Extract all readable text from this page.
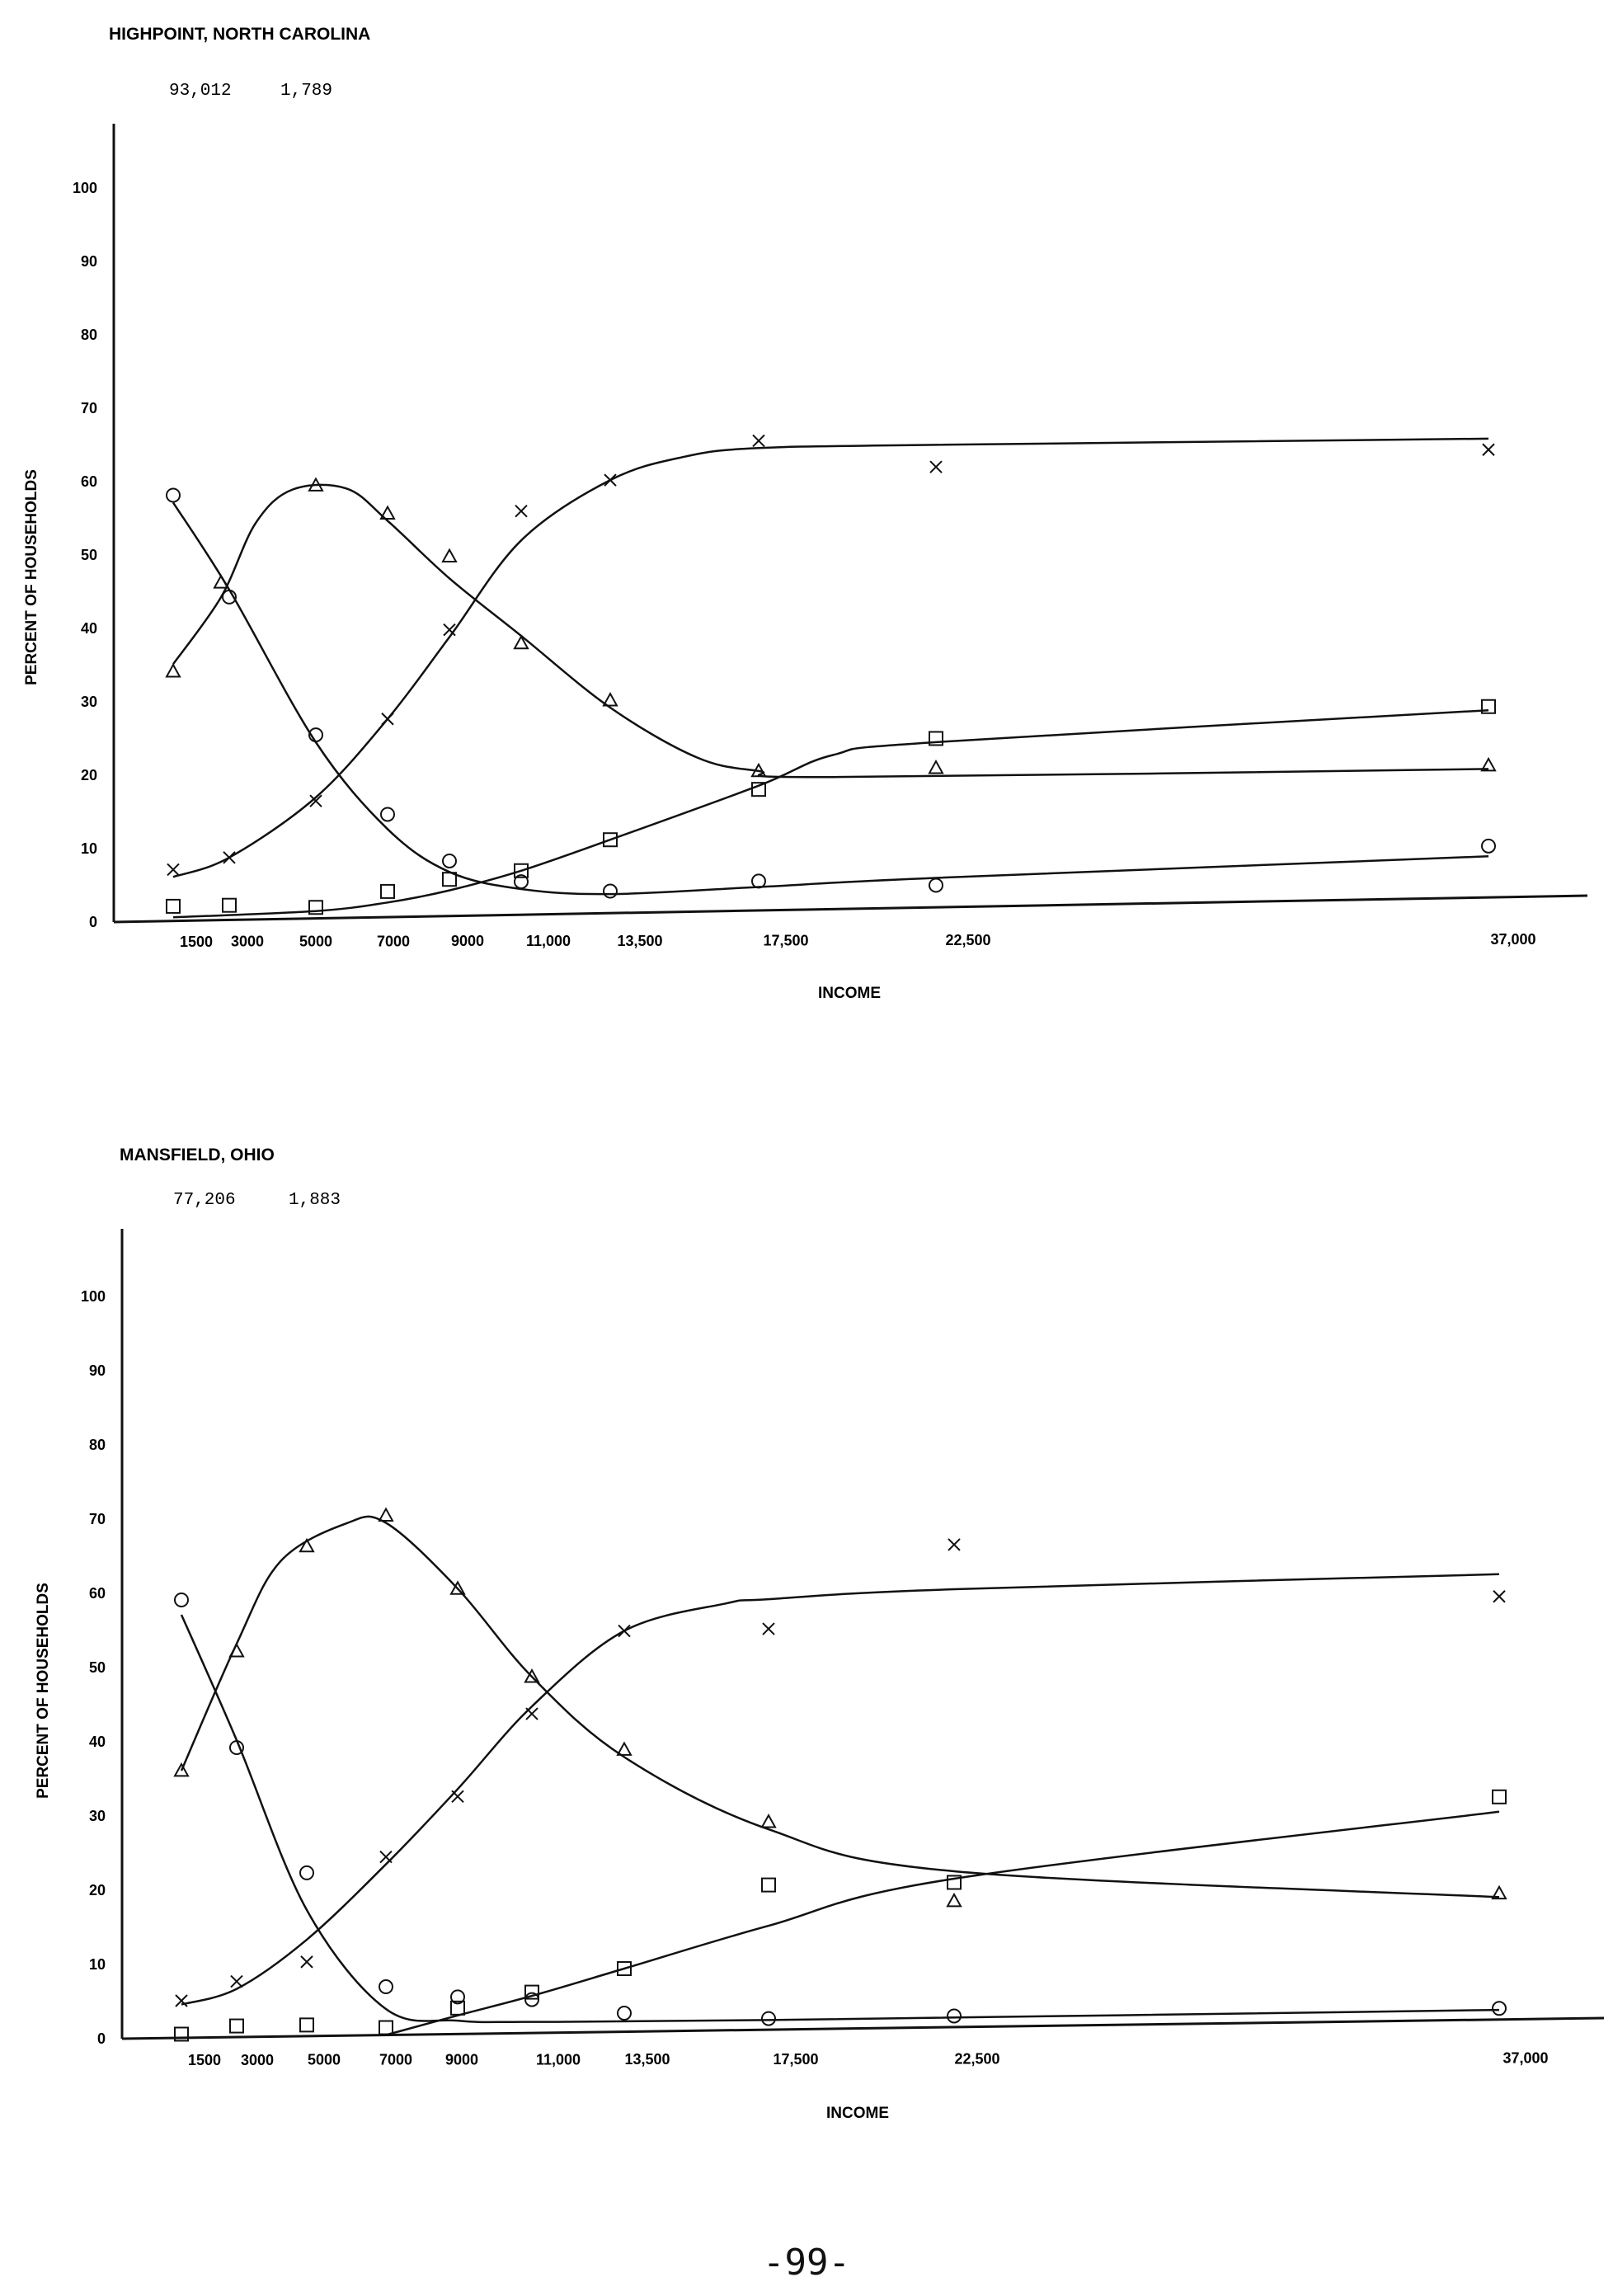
HIGHPOINT, NORTH CAROLINA
93,012	1,789
0
10
20
30
40
50
60
70
80
90
100
1500 3000 5000	7000	9000	11,000	13,500	17,500	22,500	37,000
PERCENT OF HOUSEHOLDS
INCOME
MANSFIELD, OHIO
77,206	1,883
0
10
20
30
40
50
60
70
80
90
100
1500 3000 5000	7000 9000	11,000	13,500	17,500	22,500	37,000
PERCENT OF HOUSEHOLDS
INCOME
-99-
